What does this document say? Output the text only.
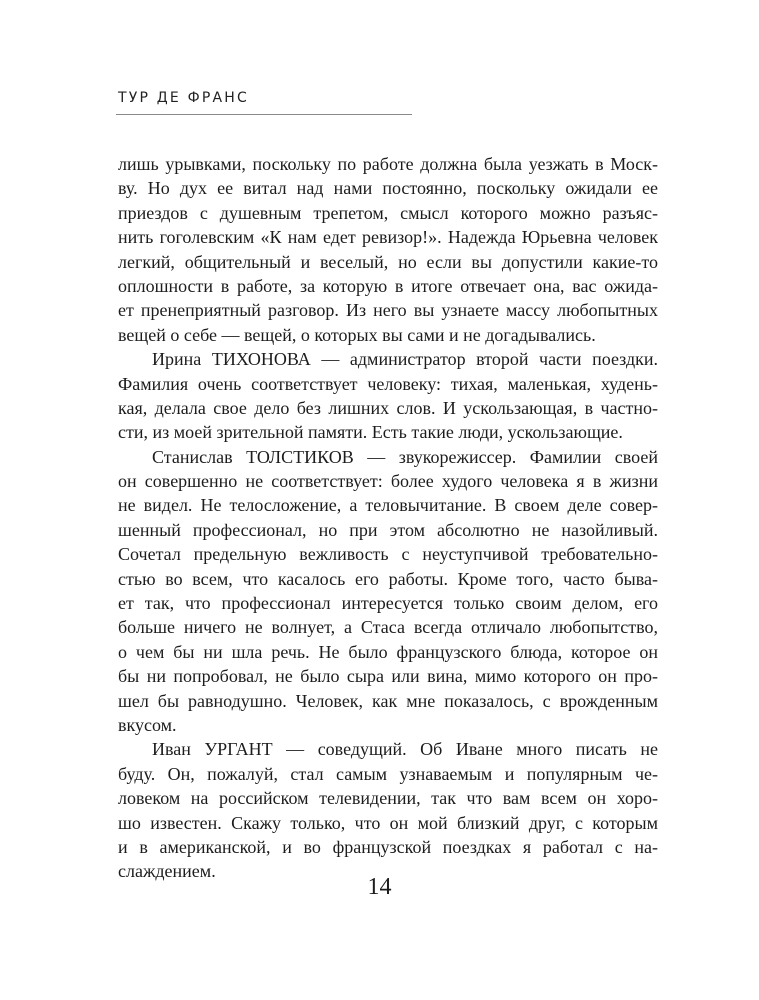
ТУР ДЕ ФРАНС
лишь урывками, поскольку по работе должна была уезжать в Моск-
ву. Но дух ее витал над нами постоянно, поскольку ожидали ее
приездов с душевным трепетом, смысл которого можно разъяс-
нить гоголевским «К нам едет ревизор!». Надежда Юрьевна человек
легкий, общительный и веселый, но если вы допустили какие-то
оплошности в работе, за которую в итоге отвечает она, вас ожида-
ет пренеприятный разговор. Из него вы узнаете массу любопытных
вещей о себе — вещей, о которых вы сами и не догадывались.
Ирина ТИХОНОВА — администратор второй части поездки.
Фамилия очень соответствует человеку: тихая, маленькая, худень-
кая, делала свое дело без лишних слов. И ускользающая, в частно-
сти, из моей зрительной памяти. Есть такие люди, ускользающие.
Станислав ТОЛСТИКОВ — звукорежиссер. Фамилии своей
он совершенно не соответствует: более худого человека я в жизни
не видел. Не телосложение, а теловычитание. В своем деле совер-
шенный профессионал, но при этом абсолютно не назойливый.
Сочетал предельную вежливость с неуступчивой требовательно-
стью во всем, что касалось его работы. Кроме того, часто быва-
ет так, что профессионал интересуется только своим делом, его
больше ничего не волнует, а Стаса всегда отличало любопытство,
о чем бы ни шла речь. Не было французского блюда, которое он
бы ни попробовал, не было сыра или вина, мимо которого он про-
шел бы равнодушно. Человек, как мне показалось, с врожденным
вкусом.
Иван УРГАНТ — соведущий. Об Иване много писать не
буду. Он, пожалуй, стал самым узнаваемым и популярным че-
ловеком на российском телевидении, так что вам всем он хоро-
шо известен. Скажу только, что он мой близкий друг, с которым
и в американской, и во французской поездках я работал с на-
слаждением.
14
